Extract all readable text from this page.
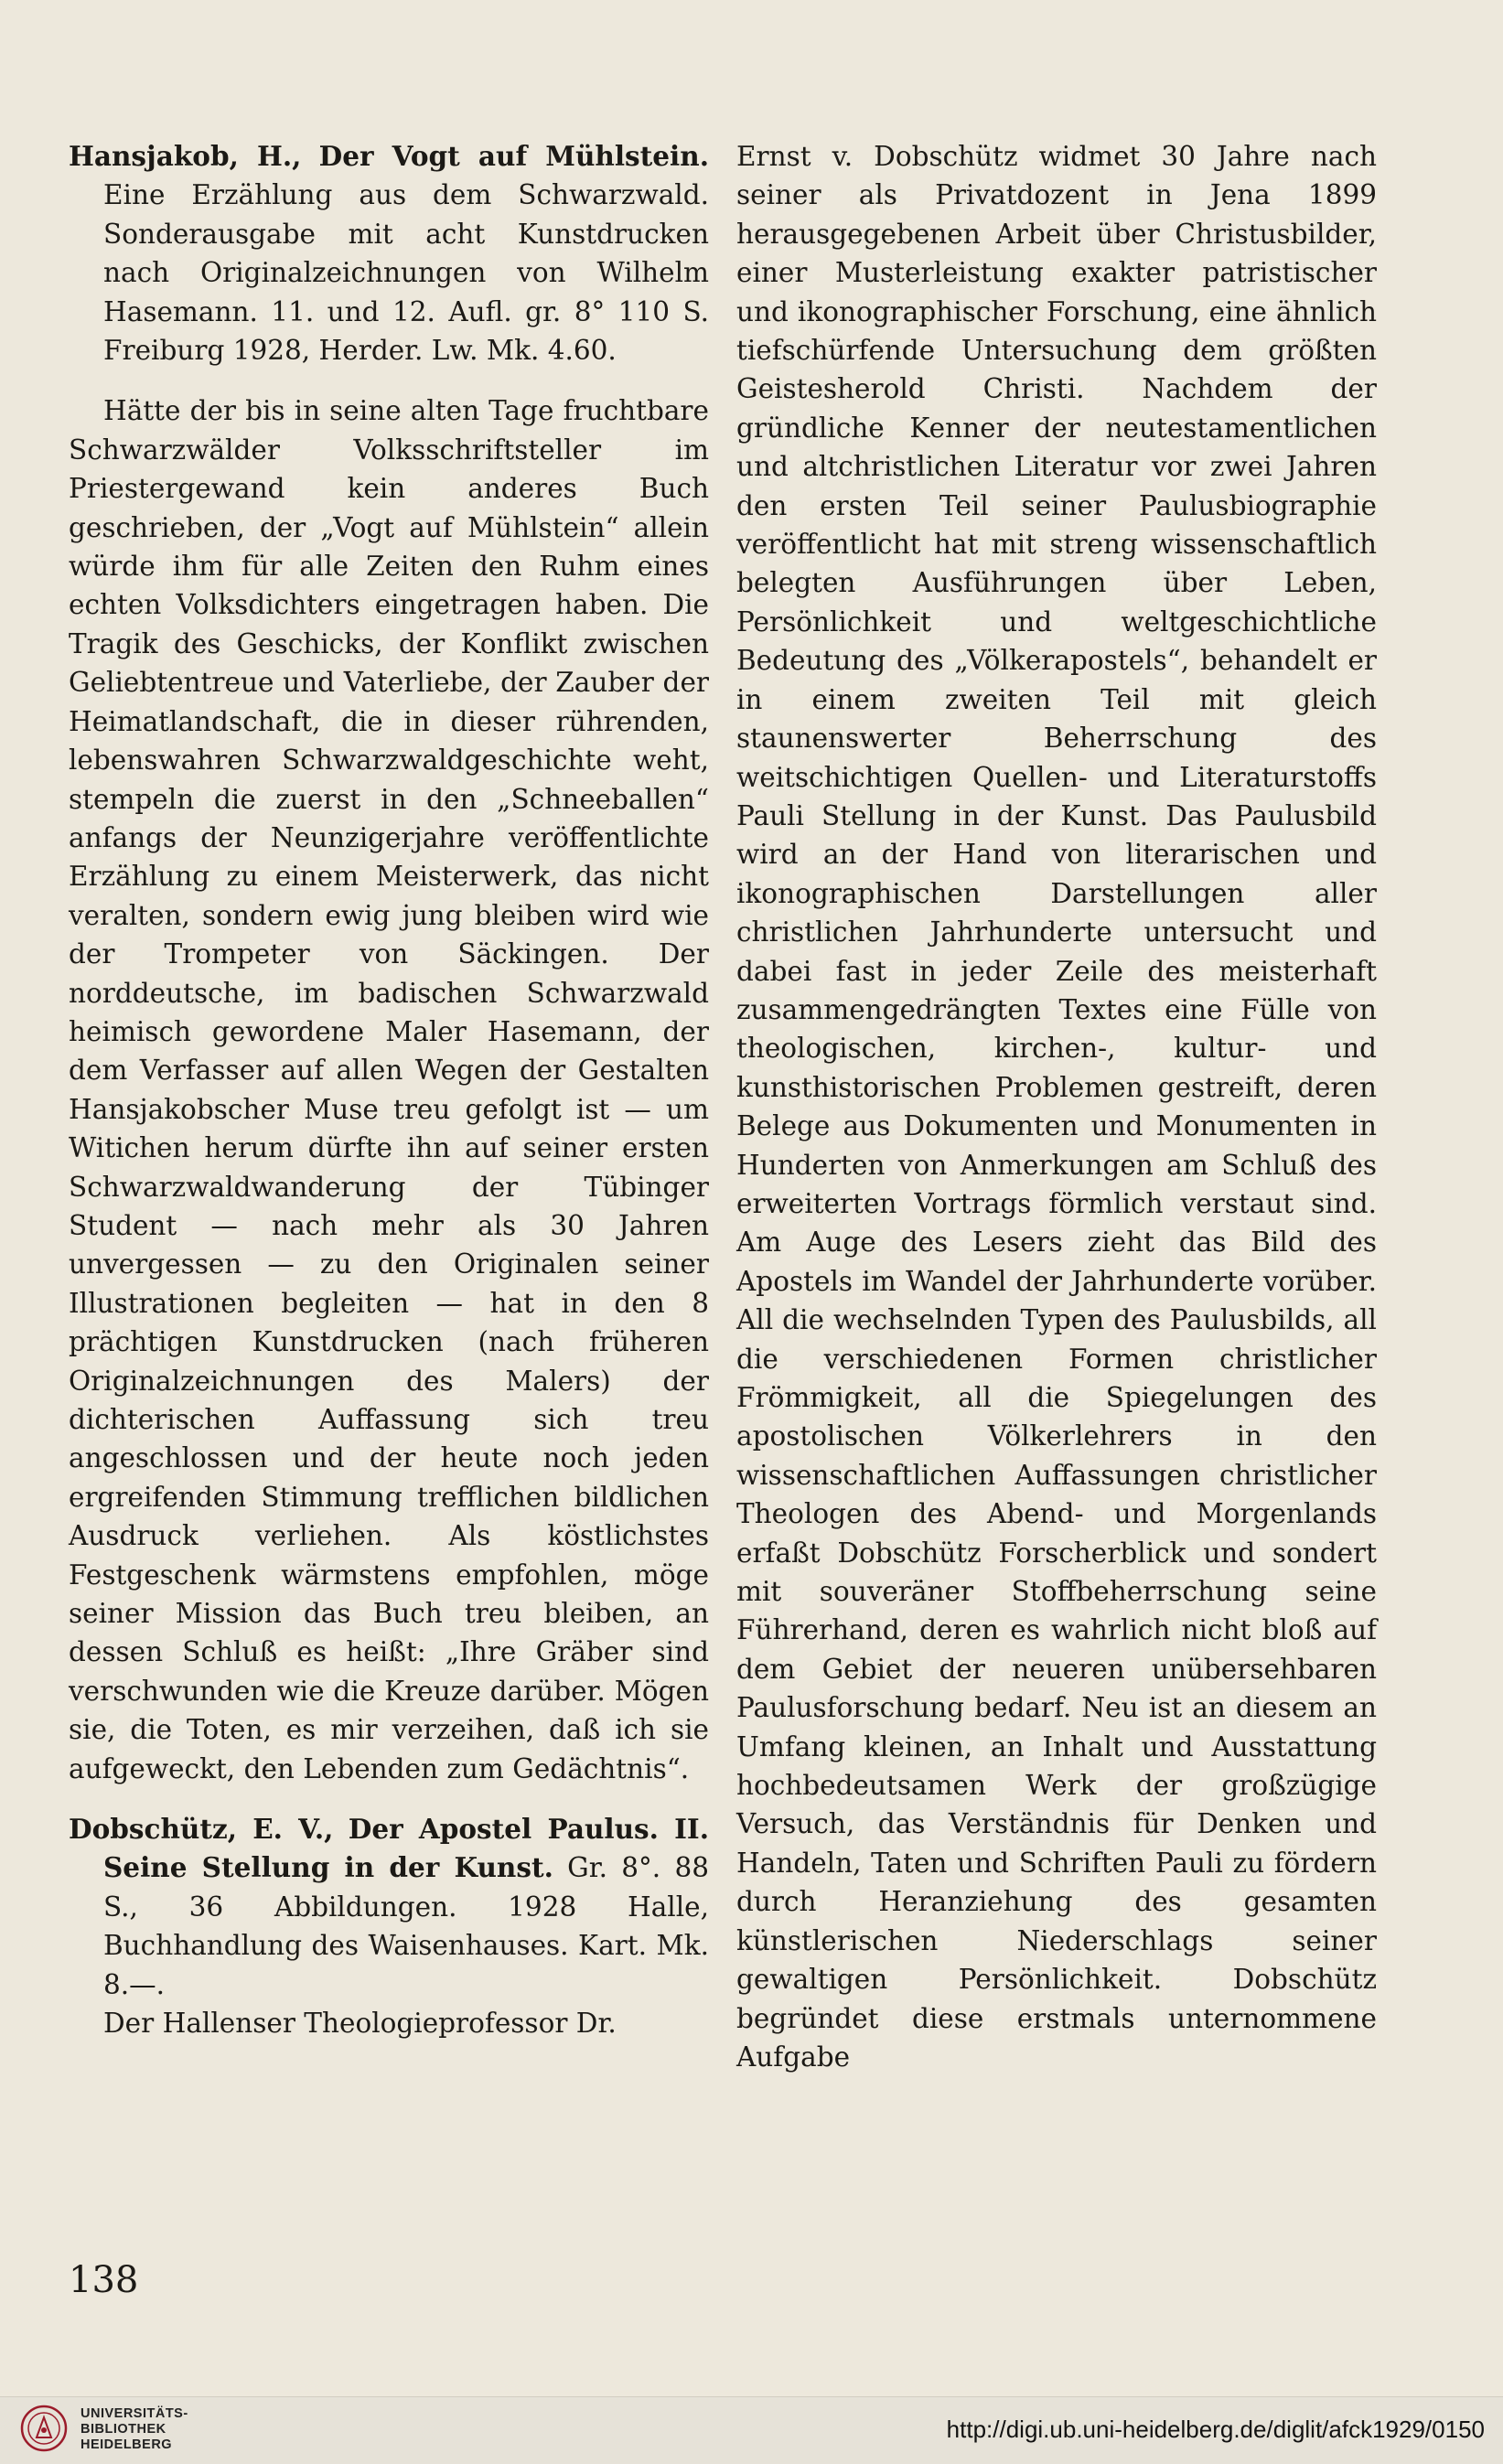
Hansjakob, H., Der Vogt auf Mühlstein. Eine Erzählung aus dem Schwarzwald. Sonderausgabe mit acht Kunstdrucken nach Originalzeichnungen von Wilhelm Hasemann. 11. und 12. Aufl. gr. 8° 110 S. Freiburg 1928, Herder. Lw. Mk. 4.60.

Hätte der bis in seine alten Tage fruchtbare Schwarzwälder Volksschriftsteller im Priestergewand kein anderes Buch geschrieben, der „Vogt auf Mühlstein“ allein würde ihm für alle Zeiten den Ruhm eines echten Volksdichters eingetragen haben. Die Tragik des Geschicks, der Konflikt zwischen Geliebtentreue und Vaterliebe, der Zauber der Heimatlandschaft, die in dieser rührenden, lebenswahren Schwarzwaldgeschichte weht, stempeln die zuerst in den „Schneeballen“ anfangs der Neunzigerjahre veröffentlichte Erzählung zu einem Meisterwerk, das nicht veralten, sondern ewig jung bleiben wird wie der Trompeter von Säckingen. Der norddeutsche, im badischen Schwarzwald heimisch gewordene Maler Hasemann, der dem Verfasser auf allen Wegen der Gestalten Hansjakobscher Muse treu gefolgt ist — um Witichen herum dürfte ihn auf seiner ersten Schwarzwaldwanderung der Tübinger Student — nach mehr als 30 Jahren unvergessen — zu den Originalen seiner Illustrationen begleiten — hat in den 8 prächtigen Kunstdrucken (nach früheren Originalzeichnungen des Malers) der dichterischen Auffassung sich treu angeschlossen und der heute noch jeden ergreifenden Stimmung trefflichen bildlichen Ausdruck verliehen. Als köstlichstes Festgeschenk wärmstens empfohlen, möge seiner Mission das Buch treu bleiben, an dessen Schluß es heißt: „Ihre Gräber sind verschwunden wie die Kreuze darüber. Mögen sie, die Toten, es mir verzeihen, daß ich sie aufgeweckt, den Lebenden zum Gedächtnis“.

Dobschütz, E. V., Der Apostel Paulus. II. Seine Stellung in der Kunst. Gr. 8°. 88 S., 36 Abbildungen. 1928 Halle, Buchhandlung des Waisenhauses. Kart. Mk. 8.—.

Der Hallenser Theologieprofessor Dr.

Ernst v. Dobschütz widmet 30 Jahre nach seiner als Privatdozent in Jena 1899 herausgegebenen Arbeit über Christusbilder, einer Musterleistung exakter patristischer und ikonographischer Forschung, eine ähnlich tiefschürfende Untersuchung dem größten Geistesherold Christi. Nachdem der gründliche Kenner der neutestamentlichen und altchristlichen Literatur vor zwei Jahren den ersten Teil seiner Paulusbiographie veröffentlicht hat mit streng wissenschaftlich belegten Ausführungen über Leben, Persönlichkeit und weltgeschichtliche Bedeutung des „Völkerapostels“, behandelt er in einem zweiten Teil mit gleich staunenswerter Beherrschung des weitschichtigen Quellen- und Literaturstoffs Pauli Stellung in der Kunst. Das Paulusbild wird an der Hand von literarischen und ikonographischen Darstellungen aller christlichen Jahrhunderte untersucht und dabei fast in jeder Zeile des meisterhaft zusammengedrängten Textes eine Fülle von theologischen, kirchen-, kultur- und kunsthistorischen Problemen gestreift, deren Belege aus Dokumenten und Monumenten in Hunderten von Anmerkungen am Schluß des erweiterten Vortrags förmlich verstaut sind. Am Auge des Lesers zieht das Bild des Apostels im Wandel der Jahrhunderte vorüber. All die wechselnden Typen des Paulusbilds, all die verschiedenen Formen christlicher Frömmigkeit, all die Spiegelungen des apostolischen Völkerlehrers in den wissenschaftlichen Auffassungen christlicher Theologen des Abend- und Morgenlands erfaßt Dobschütz Forscherblick und sondert mit souveräner Stoffbeherrschung seine Führerhand, deren es wahrlich nicht bloß auf dem Gebiet der neueren unübersehbaren Paulusforschung bedarf. Neu ist an diesem an Umfang kleinen, an Inhalt und Ausstattung hochbedeutsamen Werk der großzügige Versuch, das Verständnis für Denken und Handeln, Taten und Schriften Pauli zu fördern durch Heranziehung des gesamten künstlerischen Niederschlags seiner gewaltigen Persönlichkeit. Dobschütz begründet diese erstmals unternommene Aufgabe

138
UNIVERSITÄTS-
BIBLIOTHEK
HEIDELBERG
http://digi.ub.uni-heidelberg.de/diglit/afck1929/0150
